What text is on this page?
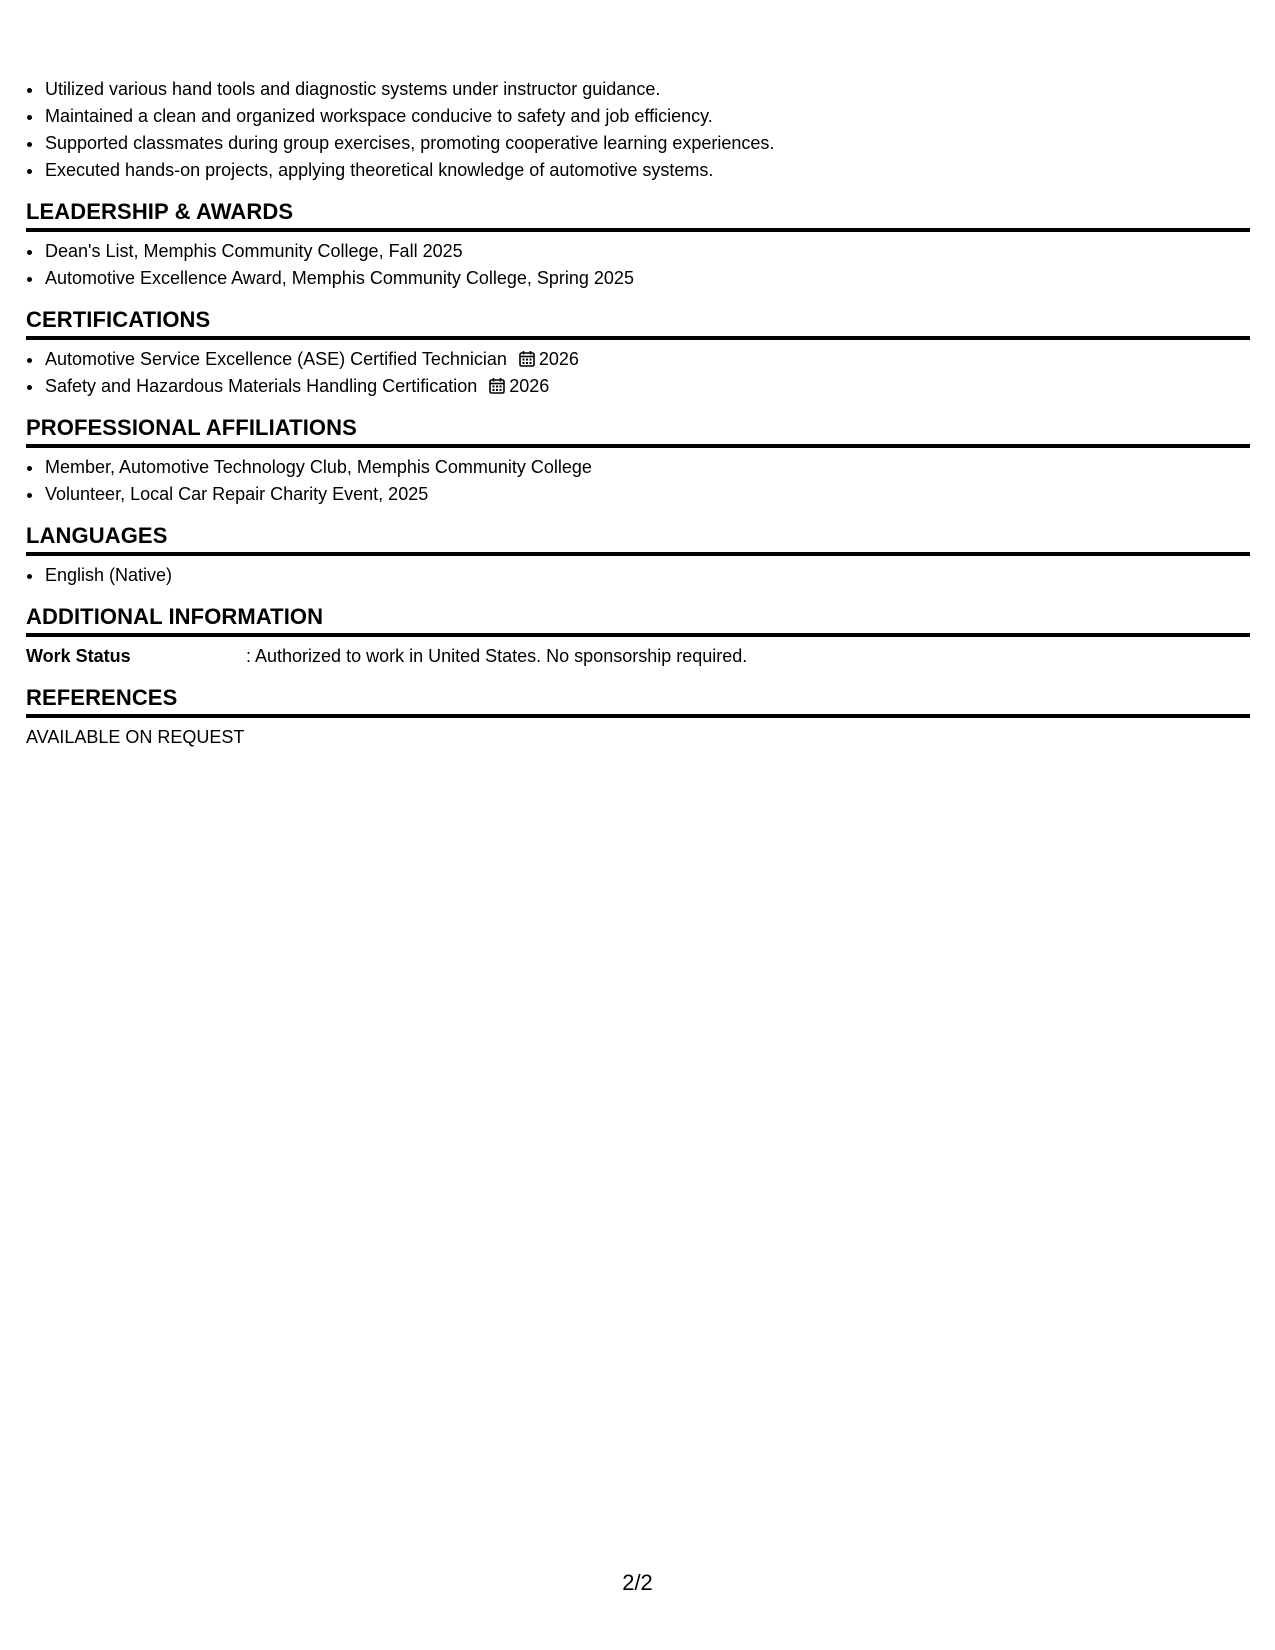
• Utilized various hand tools and diagnostic systems under instructor guidance.
• Maintained a clean and organized workspace conducive to safety and job efficiency.
• Supported classmates during group exercises, promoting cooperative learning experiences.
• Executed hands-on projects, applying theoretical knowledge of automotive systems.
LEADERSHIP & AWARDS
• Dean's List, Memphis Community College, Fall 2025
• Automotive Excellence Award, Memphis Community College, Spring 2025
CERTIFICATIONS
• Automotive Service Excellence (ASE) Certified Technician 2026
• Safety and Hazardous Materials Handling Certification 2026
PROFESSIONAL AFFILIATIONS
• Member, Automotive Technology Club, Memphis Community College
• Volunteer, Local Car Repair Charity Event, 2025
LANGUAGES
• English (Native)
ADDITIONAL INFORMATION
Work Status	: Authorized to work in United States. No sponsorship required.
REFERENCES
AVAILABLE ON REQUEST
2/2
